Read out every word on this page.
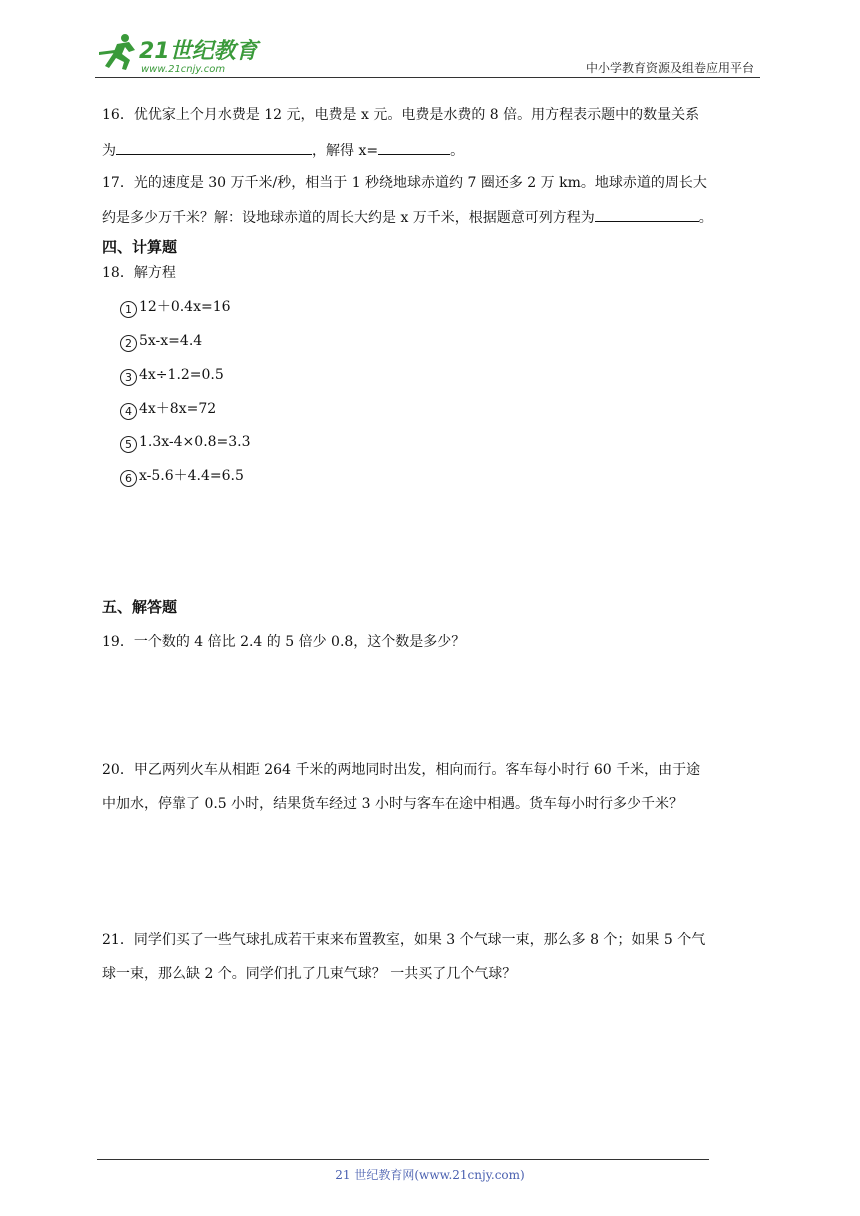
21世纪教育
www.21cnjy.com	中小学教育资源及组卷应用平台
16．优优家上个月水费是 12 元，电费是 x 元。电费是水费的 8 倍。用方程表示题中的数量关系
为	，解得 x=	。
17．光的速度是 30 万千米/秒，相当于 1 秒绕地球赤道约 7 圈还多 2 万 km。地球赤道的周长大
约是多少万千米？解：设地球赤道的周长大约是 x 万千米，根据题意可列方程为	。
四、计算题
18．解方程
1 12＋0.4x=16
2 5x-x=4.4
3 4x÷1.2=0.5
4 4x＋8x=72
5 1.3x-4×0.8=3.3
6 x-5.6＋4.4=6.5
五、解答题
19．一个数的 4 倍比 2.4 的 5 倍少 0.8，这个数是多少？
20．甲乙两列火车从相距 264 千米的两地同时出发，相向而行。客车每小时行 60 千米，由于途
中加水，停靠了 0.5 小时，结果货车经过 3 小时与客车在途中相遇。货车每小时行多少千米？
21．同学们买了一些气球扎成若干束来布置教室，如果 3 个气球一束，那么多 8 个；如果 5 个气
球一束，那么缺 2 个。同学们扎了几束气球？ 一共买了几个气球？
21 世纪教育网(www.21cnjy.com)
